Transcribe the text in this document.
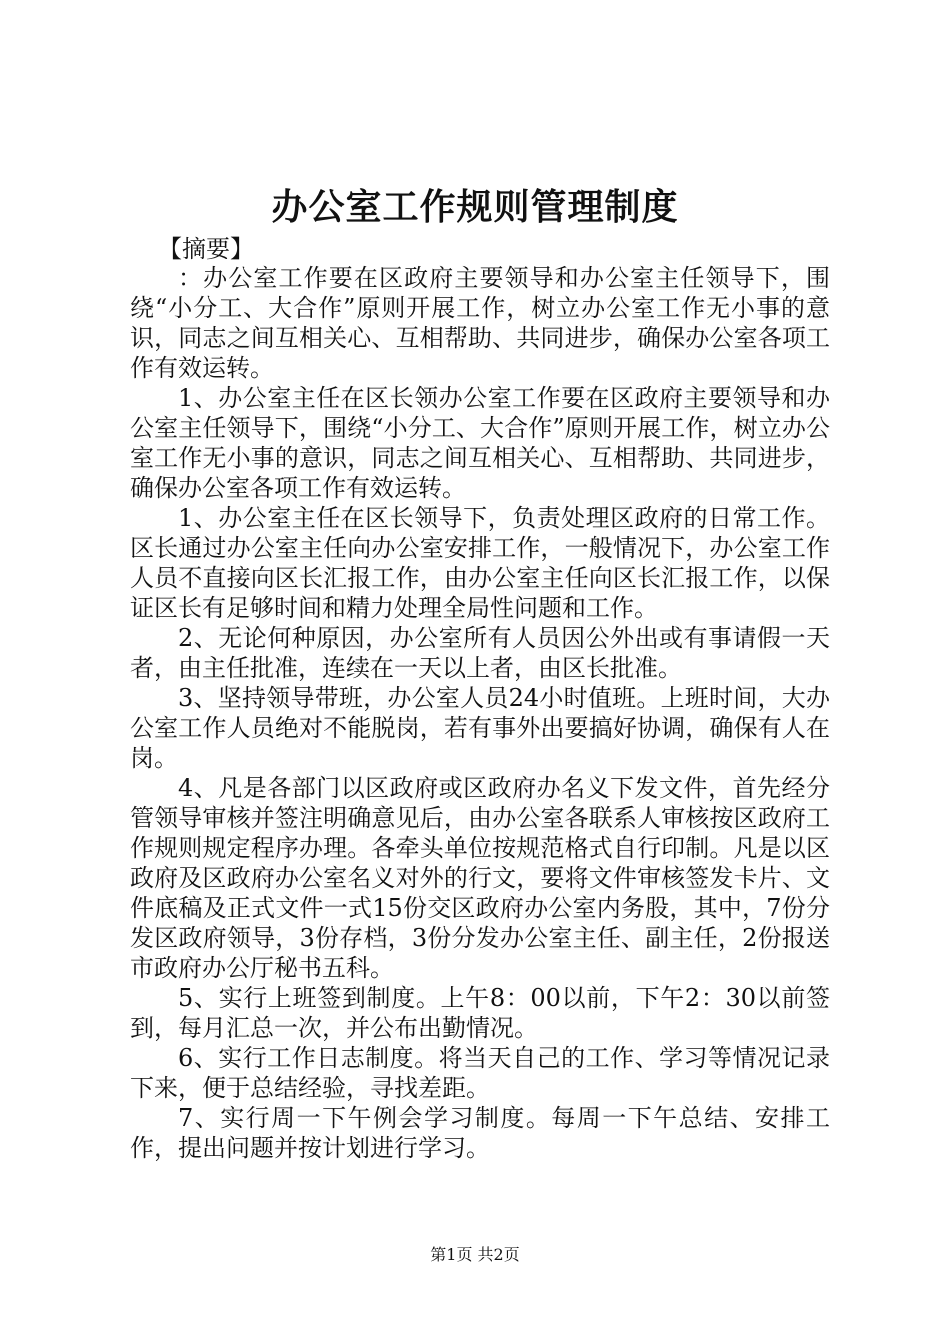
办公室工作规则管理制度
【摘要】

：办公室工作要在区政府主要领导和办公室主任领导下，围绕“小分工、大合作”原则开展工作，树立办公室工作无小事的意识，同志之间互相关心、互相帮助、共同进步，确保办公室各项工作有效运转。

1、办公室主任在区长领办公室工作要在区政府主要领导和办公室主任领导下，围绕“小分工、大合作”原则开展工作，树立办公室工作无小事的意识，同志之间互相关心、互相帮助、共同进步，确保办公室各项工作有效运转。

1、办公室主任在区长领导下，负责处理区政府的日常工作。区长通过办公室主任向办公室安排工作，一般情况下，办公室工作人员不直接向区长汇报工作，由办公室主任向区长汇报工作，以保证区长有足够时间和精力处理全局性问题和工作。

2、无论何种原因，办公室所有人员因公外出或有事请假一天者，由主任批准，连续在一天以上者，由区长批准。

3、坚持领导带班，办公室人员24小时值班。上班时间，大办公室工作人员绝对不能脱岗，若有事外出要搞好协调，确保有人在岗。

4、凡是各部门以区政府或区政府办名义下发文件，首先经分管领导审核并签注明确意见后，由办公室各联系人审核按区政府工作规则规定程序办理。各牵头单位按规范格式自行印制。凡是以区政府及区政府办公室名义对外的行文，要将文件审核签发卡片、文件底稿及正式文件一式15份交区政府办公室内务股，其中，7份分发区政府领导，3份存档，3份分发办公室主任、副主任，2份报送市政府办公厅秘书五科。

5、实行上班签到制度。上午8：00以前，下午2：30以前签到，每月汇总一次，并公布出勤情况。

6、实行工作日志制度。将当天自己的工作、学习等情况记录下来，便于总结经验，寻找差距。

7、实行周一下午例会学习制度。每周一下午总结、安排工作，提出问题并按计划进行学习。

第1页 共2页
